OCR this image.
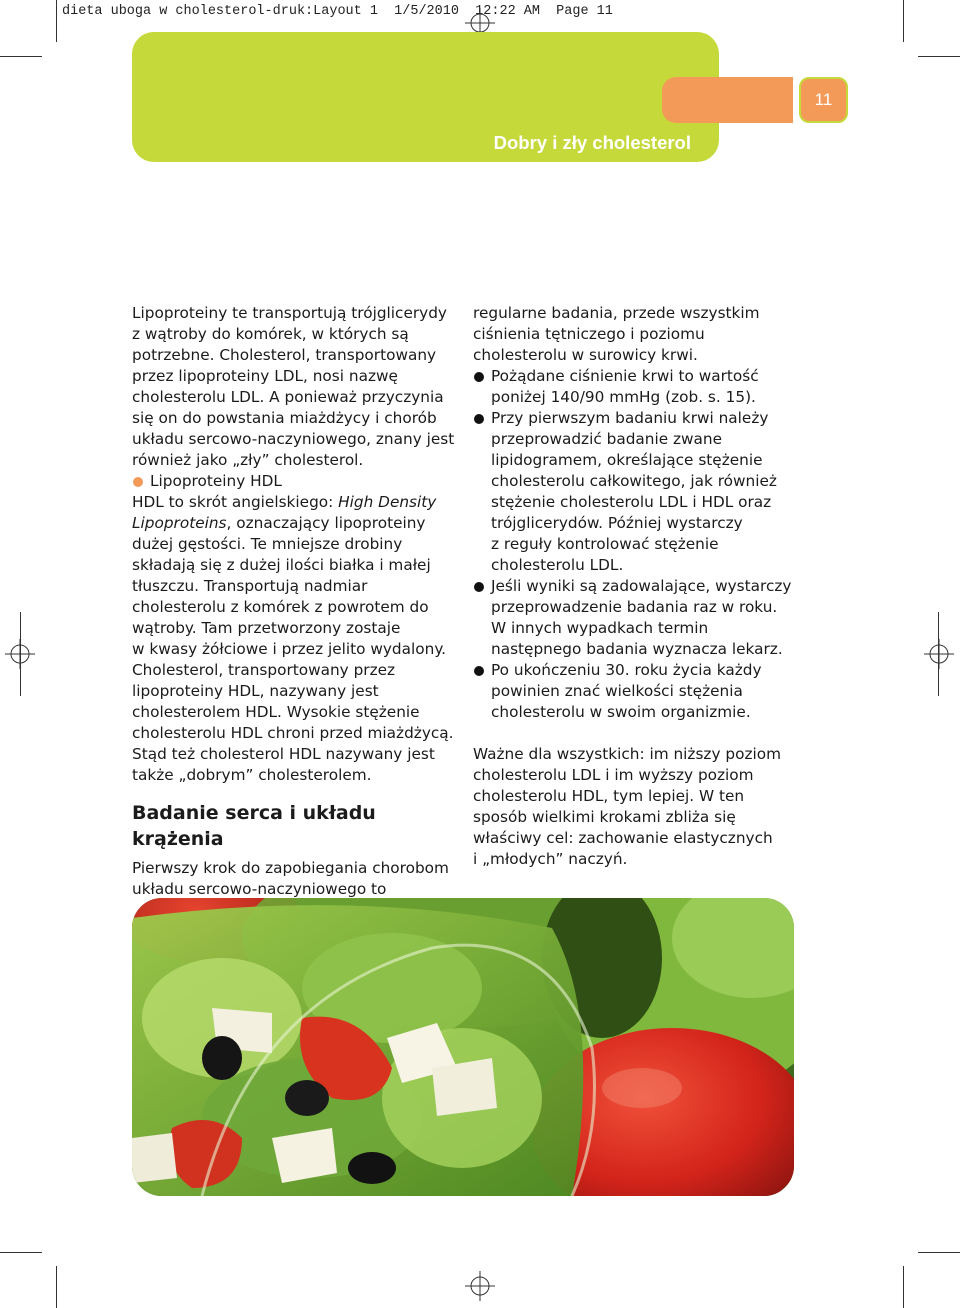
dieta uboga w cholesterol-druk:Layout 1  1/5/2010  12:22 AM  Page 11
Dobry i zły cholesterol
11

Lipoproteiny te transportują trójglicerydy

z wątroby do komórek, w których są

potrzebne. Cholesterol, transportowany

przez lipoproteiny LDL, nosi nazwę

cholesterolu LDL. A ponieważ przyczynia

się on do powstania miażdżycy i chorób

układu sercowo-naczyniowego, znany jest

również jako „zły” cholesterol.

Lipoproteiny HDL

HDL to skrót angielskiego: High Density

Lipoproteins, oznaczający lipoproteiny

dużej gęstości. Te mniejsze drobiny

składają się z dużej ilości białka i małej

tłuszczu. Transportują nadmiar

cholesterolu z komórek z powrotem do

wątroby. Tam przetworzony zostaje

w kwasy żółciowe i przez jelito wydalony.

Cholesterol, transportowany przez

lipoproteiny HDL, nazywany jest

cholesterolem HDL. Wysokie stężenie

cholesterolu HDL chroni przed miażdżycą.

Stąd też cholesterol HDL nazywany jest

także „dobrym” cholesterolem.

Badanie serca i układu krążenia

Pierwszy krok do zapobiegania chorobom

układu sercowo-naczyniowego to

regularne badania, przede wszystkim

ciśnienia tętniczego i poziomu

cholesterolu w surowicy krwi.

Pożądane ciśnienie krwi to wartość

poniżej 140/90 mmHg (zob. s. 15).

Przy pierwszym badaniu krwi należy

przeprowadzić badanie zwane

lipidogramem, określające stężenie

cholesterolu całkowitego, jak również

stężenie cholesterolu LDL i HDL oraz

trójglicerydów. Później wystarczy

z reguły kontrolować stężenie

cholesterolu LDL.

Jeśli wyniki są zadowalające, wystarczy

przeprowadzenie badania raz w roku.

W innych wypadkach termin

następnego badania wyznacza lekarz.

Po ukończeniu 30. roku życia każdy

powinien znać wielkości stężenia

cholesterolu w swoim organizmie.

Ważne dla wszystkich: im niższy poziom

cholesterolu LDL i im wyższy poziom

cholesterolu HDL, tym lepiej. W ten

sposób wielkimi krokami zbliża się

właściwy cel: zachowanie elastycznych

i „młodych” naczyń.
